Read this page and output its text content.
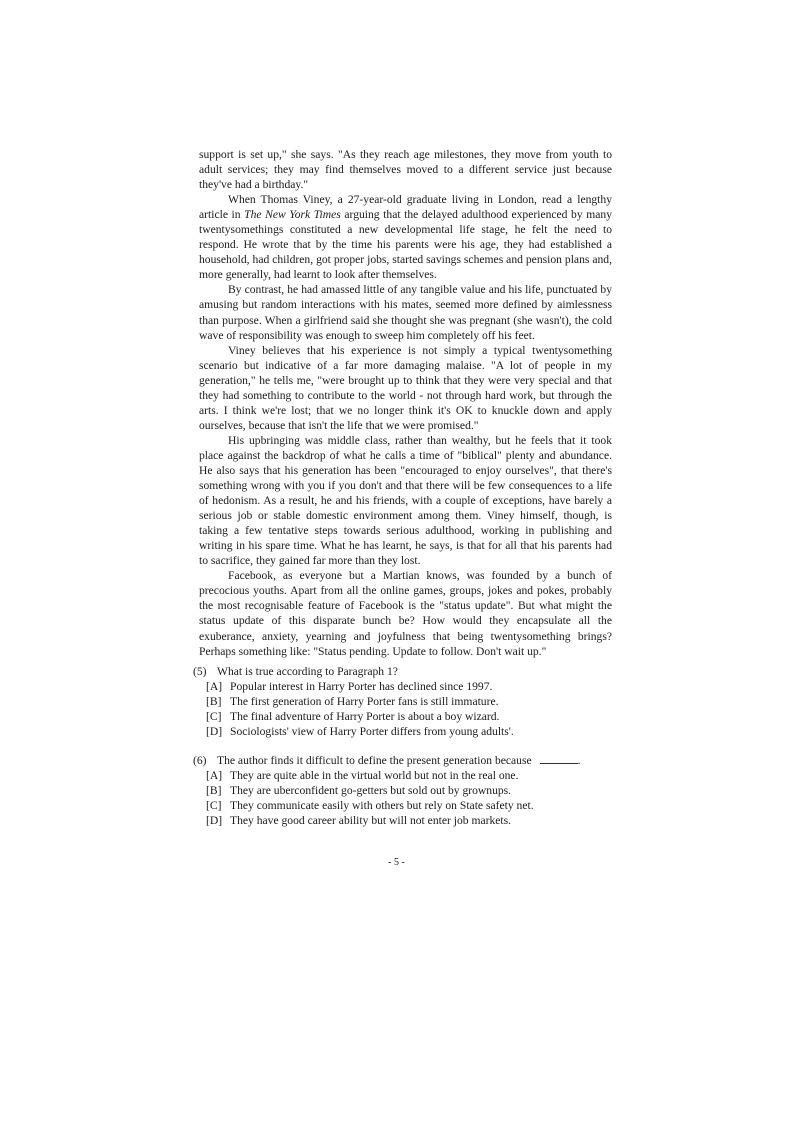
support is set up," she says. "As they reach age milestones, they move from youth to adult services; they may find themselves moved to a different service just because they've had a birthday."

When Thomas Viney, a 27-year-old graduate living in London, read a lengthy article in The New York Times arguing that the delayed adulthood experienced by many twentysomethings constituted a new developmental life stage, he felt the need to respond. He wrote that by the time his parents were his age, they had established a household, had children, got proper jobs, started savings schemes and pension plans and, more generally, had learnt to look after themselves.

By contrast, he had amassed little of any tangible value and his life, punctuated by amusing but random interactions with his mates, seemed more defined by aimlessness than purpose. When a girlfriend said she thought she was pregnant (she wasn't), the cold wave of responsibility was enough to sweep him completely off his feet.

Viney believes that his experience is not simply a typical twentysomething scenario but indicative of a far more damaging malaise. "A lot of people in my generation," he tells me, "were brought up to think that they were very special and that they had something to contribute to the world - not through hard work, but through the arts. I think we're lost; that we no longer think it's OK to knuckle down and apply ourselves, because that isn't the life that we were promised."

His upbringing was middle class, rather than wealthy, but he feels that it took place against the backdrop of what he calls a time of "biblical" plenty and abundance. He also says that his generation has been "encouraged to enjoy ourselves", that there's something wrong with you if you don't and that there will be few consequences to a life of hedonism. As a result, he and his friends, with a couple of exceptions, have barely a serious job or stable domestic environment among them. Viney himself, though, is taking a few tentative steps towards serious adulthood, working in publishing and writing in his spare time. What he has learnt, he says, is that for all that his parents had to sacrifice, they gained far more than they lost.

Facebook, as everyone but a Martian knows, was founded by a bunch of precocious youths. Apart from all the online games, groups, jokes and pokes, probably the most recognisable feature of Facebook is the "status update". But what might the status update of this disparate bunch be? How would they encapsulate all the exuberance, anxiety, yearning and joyfulness that being twentysomething brings? Perhaps something like: "Status pending. Update to follow. Don't wait up."

(5) What is true according to Paragraph 1?
[A] Popular interest in Harry Porter has declined since 1997.
[B] The first generation of Harry Porter fans is still immature.
[C] The final adventure of Harry Porter is about a boy wizard.
[D] Sociologists' view of Harry Porter differs from young adults'.
(6) The author finds it difficult to define the present generation because	.
[A] They are quite able in the virtual world but not in the real one.
[B] They are uberconfident go-getters but sold out by grownups.
[C] They communicate easily with others but rely on State safety net.
[D] They have good career ability but will not enter job markets.
- 5 -
